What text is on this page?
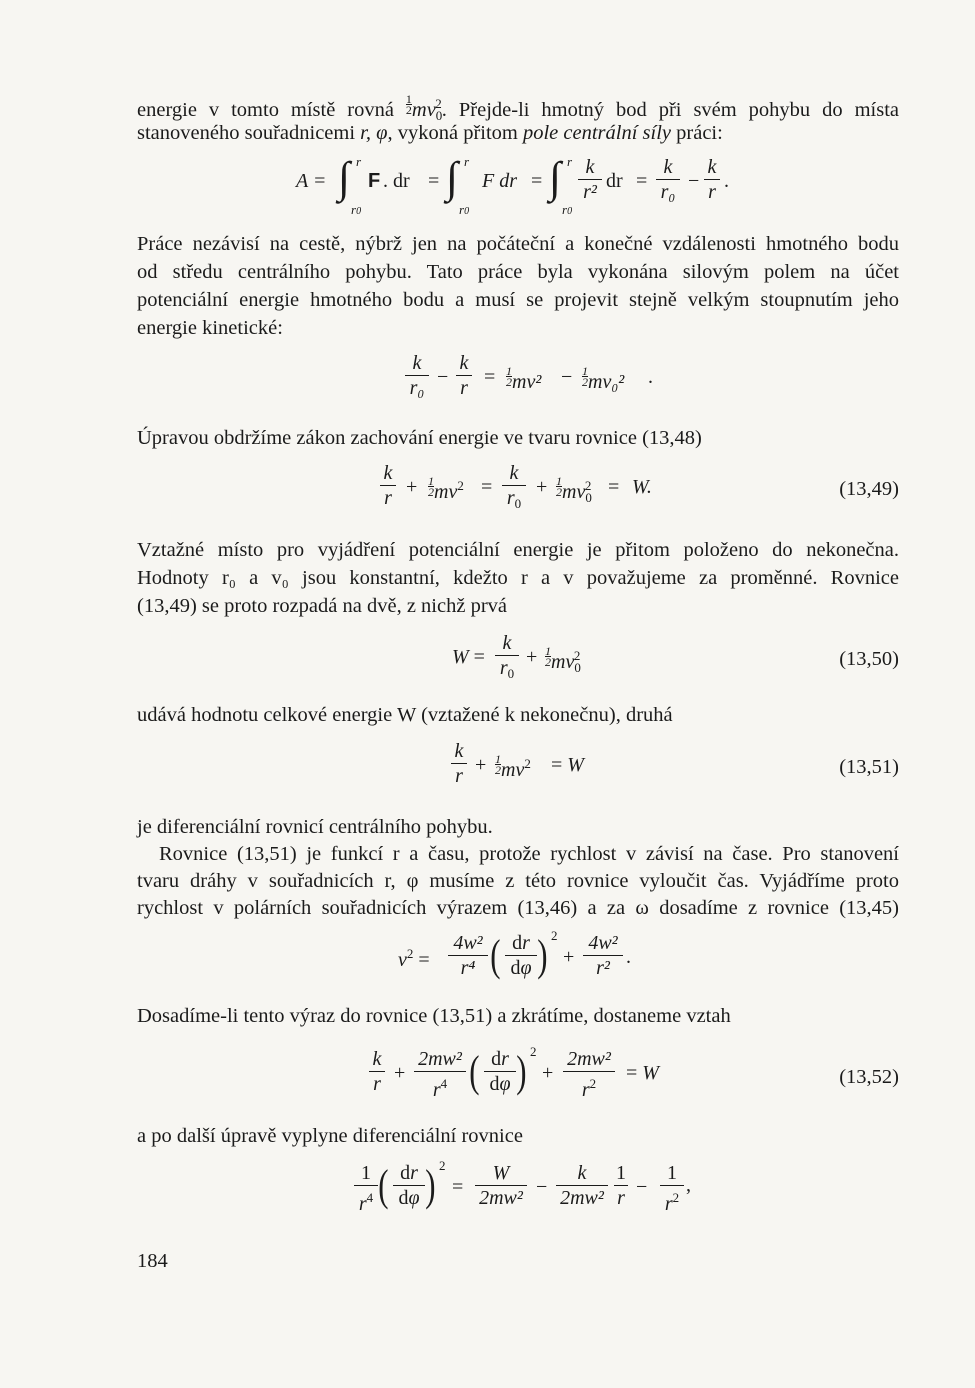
energie v tomto místě rovná $\frac{1}{2} mv_0^2$. Přejde-li hmotný bod při svém pohybu do místa
stanoveného souřadnicemi r, φ, vykoná přitom pole centrální síly práci:
A = ∫ r
r0
F . dr = ∫ r
r0
F dr = ∫ r
r0
k
r² dr =
k
r₀ −
k
r .
Práce nezávisí na cestě, nýbrž jen na počáteční a konečné vzdálenosti hmotného bodu
od středu centrálního pohybu. Tato práce byla vykonána silovým polem na účet
potenciální energie hmotného bodu a musí se projevit stejně velkým stoupnutím jeho
energie kinetické:
k
r₀ −
k
$r = \frac{1}{2} mv^2 - \frac{1}{2} mv_0^2$ .
Úpravou obdržíme zákon zachování energie ve tvaru rovnice (13,48)
k
$r + \frac{1}{2} mv^2$ =
k
$r_0$
+ $\frac{1}{2} mv_0^2 = W$.	(13,49)
Vztažné místo pro vyjádření potenciální energie je přitom položeno do nekonečna.
Hodnoty r₀ a v₀ jsou konstantní, kdežto r a v považujeme za proměnné. Rovnice
(13,49) se proto rozpadá na dvě, z nichž prvá
W =
k
$r_0$
+ $\frac{1}{2} mv_0^2$	(13,50)
udává hodnotu celkové energie W (vztažené k nekonečnu), druhá
k
$r + \frac{1}{2} mv^2 = W$	(13,51)
je diferenciální rovnicí centrálního pohybu.
Rovnice (13,51) je funkcí r a času, protože rychlost v závisí na čase. Pro stanovení
tvaru dráhy v souřadnicích r, φ musíme z této rovnice vyloučit čas. Vyjádříme proto
rychlost v polárních souřadnicích výrazem (13,46) a za ω dosadíme z rovnice (13,45)
$v^2$ =
4w²
r⁴ ( dr
dφ ) 2
+
4w²
r² .
Dosadíme-li tento výraz do rovnice (13,51) a zkrátíme, dostaneme vztah
k
r +
2mw²
$r^4$ ( dr
dφ ) 2
+
2mw²
$r^2$	= W	(13,52)
a po další úpravě vyplyne diferenciální rovnice
1
$r^4$ ( dr
dφ ) 2
=
W
2mw² −
k
2mw²
1
r −
1
$r^2$
,
184
